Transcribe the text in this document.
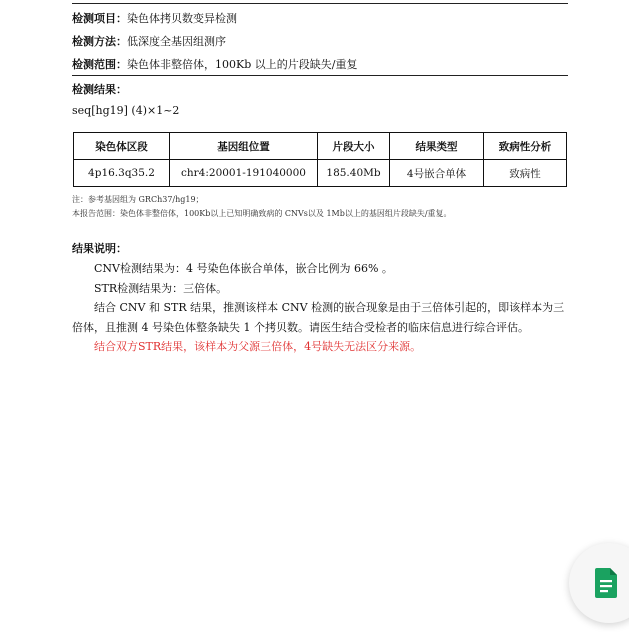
检测项目：染色体拷贝数变异检测
检测方法：低深度全基因组测序
检测范围：染色体非整倍体，100Kb 以上的片段缺失/重复
检测结果：
seq[hg19] (4)×1~2
染色体区段	基因组位置	片段大小	结果类型	致病性分析
4p16.3q35.2	chr4:20001-191040000	185.40Mb	4号嵌合单体	致病性
注：参考基因组为 GRCh37/hg19；
本报告范围：染色体非整倍体，100Kb以上已知明确致病的 CNVs以及 1Mb以上的基因组片段缺失/重复。
结果说明：

CNV检测结果为：4 号染色体嵌合单体，嵌合比例为 66% 。

STR检测结果为：三倍体。

结合 CNV 和 STR 结果，推测该样本 CNV 检测的嵌合现象是由于三倍体引起的，即该样本为三倍体，且推测 4 号染色体整条缺失 1 个拷贝数。请医生结合受检者的临床信息进行综合评估。

结合双方STR结果，该样本为父源三倍体，4号缺失无法区分来源。
